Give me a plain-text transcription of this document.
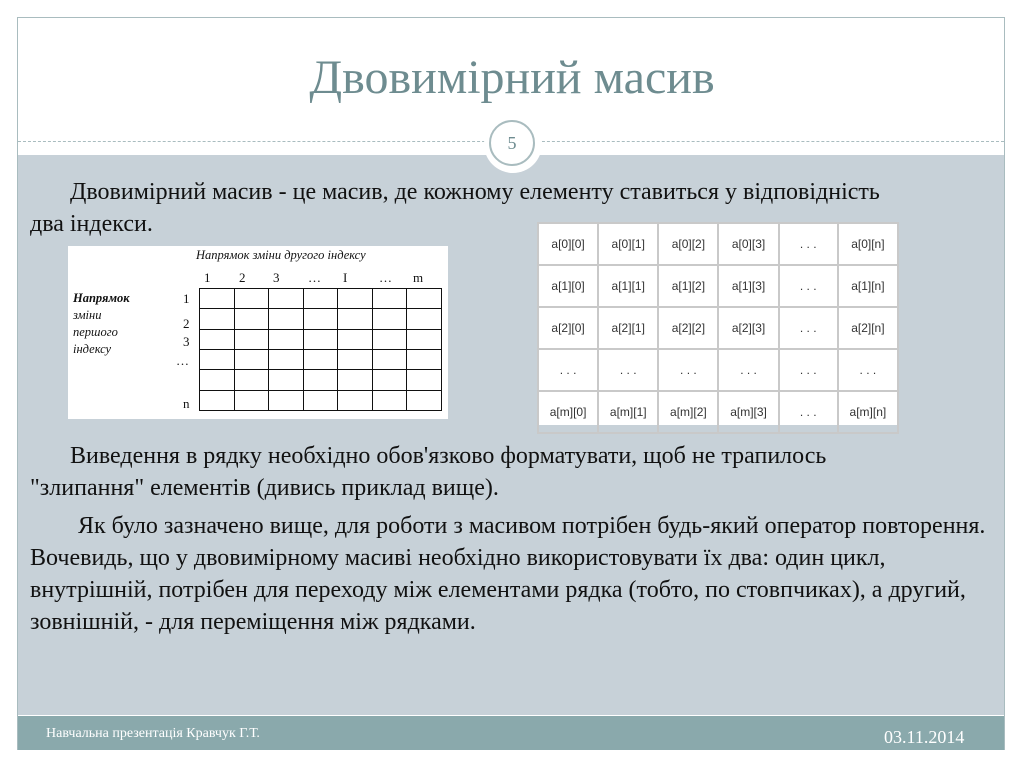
Двовимірний масив
5
Двовимірний масив - це масив, де кожному елементу ставиться у відповідність два індекси.
Напрямок зміни другого індексу
1 2 3 … I … m
Напрямок
зміни
першого
індексу
1
2
3
…
n

a[0][0]	a[0][1]	a[0][2]	a[0][3]	. . .	a[0][n]
a[1][0]	a[1][1]	a[1][2]	a[1][3]	. . .	a[1][n]
a[2][0]	a[2][1]	a[2][2]	a[2][3]	. . .	a[2][n]
. . .	. . .	. . .	. . .	. . .	. . .
a[m][0]	a[m][1]	a[m][2]	a[m][3]	. . .	a[m][n]
Виведення в рядку необхідно обов'язково форматувати, щоб не трапилось "злипання" елементів (дивись приклад вище).
Як було зазначено вище, для роботи з масивом потрібен будь-який оператор повторення. Вочевидь, що у двовимірному масиві необхідно використовувати їх два: один цикл, внутрішній, потрібен для переходу між елементами рядка (тобто, по стовпчиках), а другий, зовнішній, - для переміщення між рядками.
Навчальна презентація Кравчук Г.Т.	03.11.2014
